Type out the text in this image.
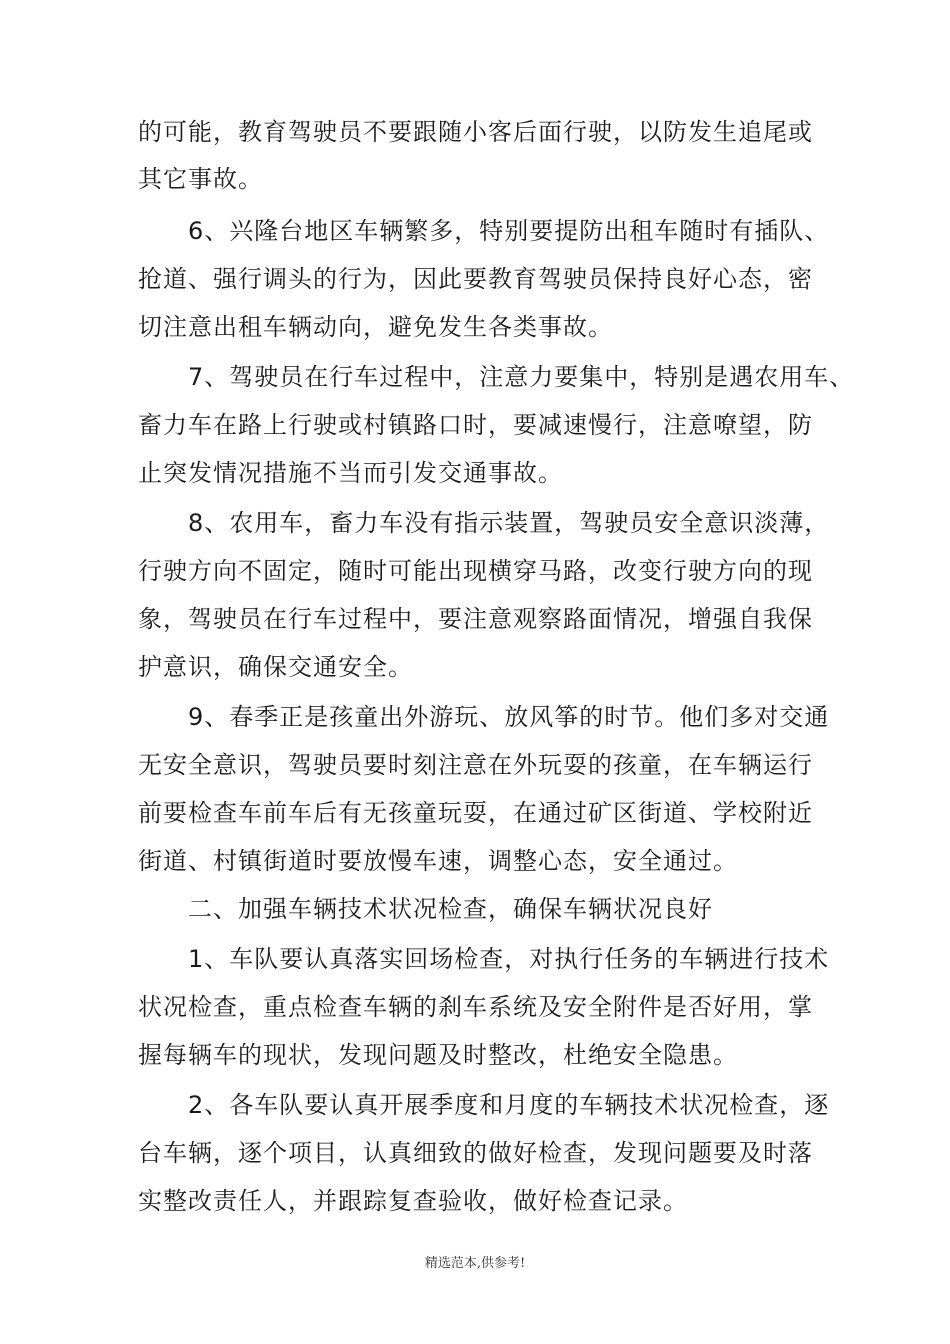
的可能，教育驾驶员不要跟随小客后面行驶，以防发生追尾或
其它事故。
6、兴隆台地区车辆繁多，特别要提防出租车随时有插队、
抢道、强行调头的行为，因此要教育驾驶员保持良好心态，密
切注意出租车辆动向，避免发生各类事故。
7、驾驶员在行车过程中，注意力要集中，特别是遇农用车、
畜力车在路上行驶或村镇路口时，要减速慢行，注意嘹望，防
止突发情况措施不当而引发交通事故。
8、农用车，畜力车没有指示装置，驾驶员安全意识淡薄，
行驶方向不固定，随时可能出现横穿马路，改变行驶方向的现
象，驾驶员在行车过程中，要注意观察路面情况，增强自我保
护意识，确保交通安全。
9、春季正是孩童出外游玩、放风筝的时节。他们多对交通
无安全意识，驾驶员要时刻注意在外玩耍的孩童，在车辆运行
前要检查车前车后有无孩童玩耍，在通过矿区街道、学校附近
街道、村镇街道时要放慢车速，调整心态，安全通过。
二、加强车辆技术状况检查，确保车辆状况良好
1、车队要认真落实回场检查，对执行任务的车辆进行技术
状况检查，重点检查车辆的刹车系统及安全附件是否好用，掌
握每辆车的现状，发现问题及时整改，杜绝安全隐患。
2、各车队要认真开展季度和月度的车辆技术状况检查，逐
台车辆，逐个项目，认真细致的做好检查，发现问题要及时落
实整改责任人，并跟踪复查验收，做好检查记录。
精选范本,供参考!
